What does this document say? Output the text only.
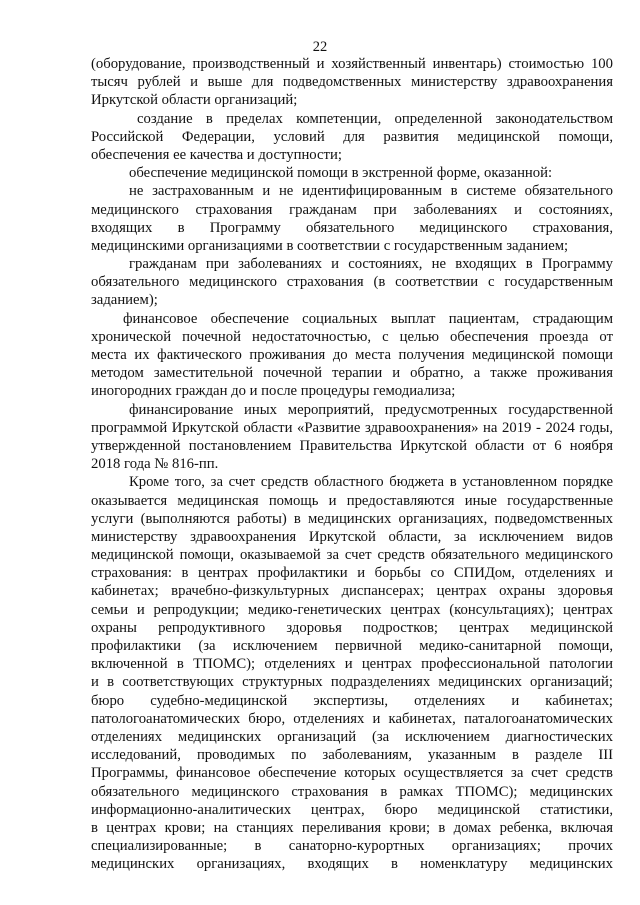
22
(оборудование, производственный и хозяйственный инвентарь) стоимостью 100
тысяч рублей и выше для подведомственных министерству здравоохранения
Иркутской области организаций;
создание в пределах компетенции, определенной законодательством
Российской Федерации, условий для развития медицинской помощи,
обеспечения ее качества и доступности;
обеспечение медицинской помощи в экстренной форме, оказанной:
не застрахованным и не идентифицированным в системе обязательного
медицинского страхования гражданам при заболеваниях и состояниях,
входящих в Программу обязательного медицинского страхования,
медицинскими организациями в соответствии с государственным заданием;
гражданам при заболеваниях и состояниях, не входящих в Программу
обязательного медицинского страхования (в соответствии с государственным
заданием);
финансовое обеспечение социальных выплат пациентам, страдающим
хронической почечной недостаточностью, с целью обеспечения проезда от
места их фактического проживания до места получения медицинской помощи
методом заместительной почечной терапии и обратно, а также проживания
иногородних граждан до и после процедуры гемодиализа;
финансирование иных мероприятий, предусмотренных государственной
программой Иркутской области «Развитие здравоохранения» на 2019 - 2024 годы,
утвержденной постановлением Правительства Иркутской области от 6 ноября
2018 года № 816-пп.
Кроме того, за счет средств областного бюджета в установленном порядке
оказывается медицинская помощь и предоставляются иные государственные
услуги (выполняются работы) в медицинских организациях, подведомственных
министерству здравоохранения Иркутской области, за исключением видов
медицинской помощи, оказываемой за счет средств обязательного медицинского
страхования: в центрах профилактики и борьбы со СПИДом, отделениях и
кабинетах; врачебно-физкультурных диспансерах; центрах охраны здоровья
семьи и репродукции; медико-генетических центрах (консультациях); центрах
охраны репродуктивного здоровья подростков; центрах медицинской
профилактики (за исключением первичной медико-санитарной помощи,
включенной в ТПОМС); отделениях и центрах профессиональной патологии
и в соответствующих структурных подразделениях медицинских организаций;
бюро судебно-медицинской экспертизы, отделениях и кабинетах;
патологоанатомических бюро, отделениях и кабинетах, паталогоанатомических
отделениях медицинских организаций (за исключением диагностических
исследований, проводимых по заболеваниям, указанным в разделе III
Программы, финансовое обеспечение которых осуществляется за счет средств
обязательного медицинского страхования в рамках ТПОМС); медицинских
информационно-аналитических центрах, бюро медицинской статистики,
в центрах крови; на станциях переливания крови; в домах ребенка, включая
специализированные; в санаторно-курортных организациях; прочих
медицинских организациях, входящих в номенклатуру медицинских
